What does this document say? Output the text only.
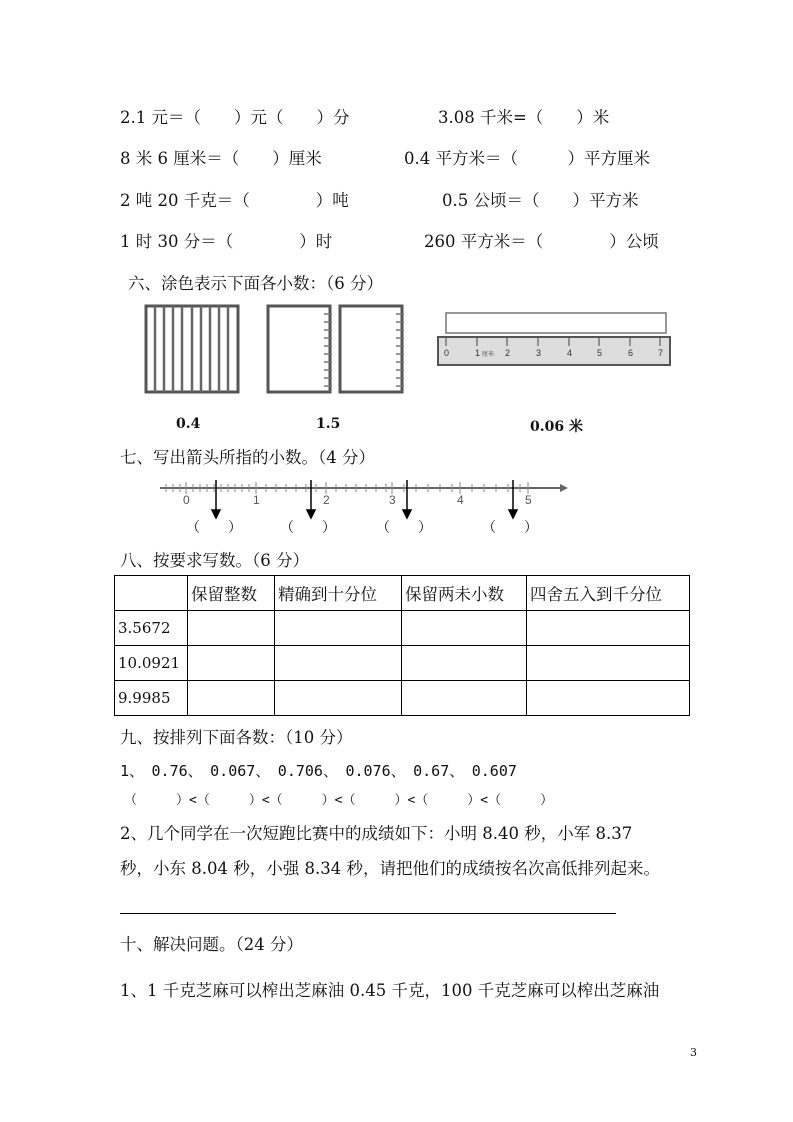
2.1 元＝（　　）元（　　）分	3.08 千米=（　　）米
8 米 6 厘米＝（　　）厘米	0.4 平方米＝（　　　）平方厘米
2 吨 20 千克＝（　　　　）吨	0.5 公顷＝（　　）平方米
1 时 30 分＝（　　　　）时	260 平方米＝（　　　　）公顷
六、涂色表示下面各小数：（6 分）
0	1 厘米 2	3	4	5	6	7
0.4	1.5	0.06 米
七、写出箭头所指的小数。（4 分）
0	1	2	3	4	5
（　　）	（　　）	（　　）	（　　）
八、按要求写数。（6 分）
	保留整数	精确到十分位	保留两未小数	四舍五入到千分位
3.5672				
10.0921				
9.9985				
九、按排列下面各数：（10 分）
1、　0.76、　0.067、　0.706、　0.076、　0.67、　0.607
（　　　）<（　　　）<（　　　）<（　　　）<（　　　）<（　　　）
2、几个同学在一次短跑比赛中的成绩如下：小明 8.40 秒，小军 8.37
秒，小东 8.04 秒，小强 8.34 秒，请把他们的成绩按名次高低排列起来。
十、解决问题。（24 分）
1、1 千克芝麻可以榨出芝麻油 0.45 千克，100 千克芝麻可以榨出芝麻油
3
